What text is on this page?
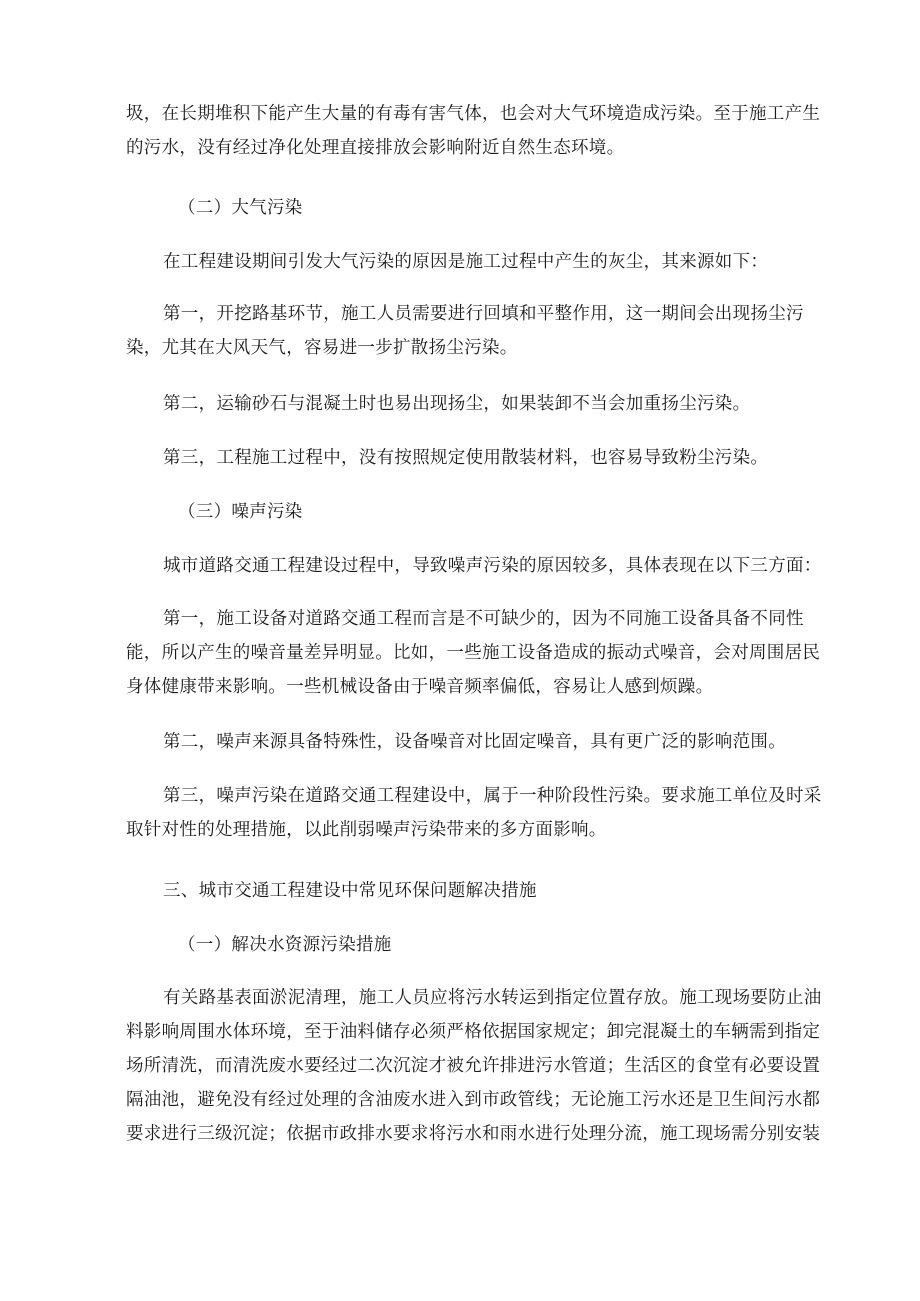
圾，在长期堆积下能产生大量的有毒有害气体，也会对大气环境造成污染。至于施工产生
的污水，没有经过净化处理直接排放会影响附近自然生态环境。

（二）大气污染

在工程建设期间引发大气污染的原因是施工过程中产生的灰尘，其来源如下：

第一，开挖路基环节，施工人员需要进行回填和平整作用，这一期间会出现扬尘污
染，尤其在大风天气，容易进一步扩散扬尘污染。

第二，运输砂石与混凝土时也易出现扬尘，如果装卸不当会加重扬尘污染。

第三，工程施工过程中，没有按照规定使用散装材料，也容易导致粉尘污染。

（三）噪声污染

城市道路交通工程建设过程中，导致噪声污染的原因较多，具体表现在以下三方面：

第一，施工设备对道路交通工程而言是不可缺少的，因为不同施工设备具备不同性
能，所以产生的噪音量差异明显。比如，一些施工设备造成的振动式噪音，会对周围居民
身体健康带来影响。一些机械设备由于噪音频率偏低，容易让人感到烦躁。

第二，噪声来源具备特殊性，设备噪音对比固定噪音，具有更广泛的影响范围。

第三，噪声污染在道路交通工程建设中，属于一种阶段性污染。要求施工单位及时采
取针对性的处理措施，以此削弱噪声污染带来的多方面影响。

三、城市交通工程建设中常见环保问题解决措施

（一）解决水资源污染措施

有关路基表面淤泥清理，施工人员应将污水转运到指定位置存放。施工现场要防止油
料影响周围水体环境，至于油料储存必须严格依据国家规定；卸完混凝土的车辆需到指定
场所清洗，而清洗废水要经过二次沉淀才被允许排进污水管道；生活区的食堂有必要设置
隔油池，避免没有经过处理的含油废水进入到市政管线；无论施工污水还是卫生间污水都
要求进行三级沉淀；依据市政排水要求将污水和雨水进行处理分流，施工现场需分别安装
